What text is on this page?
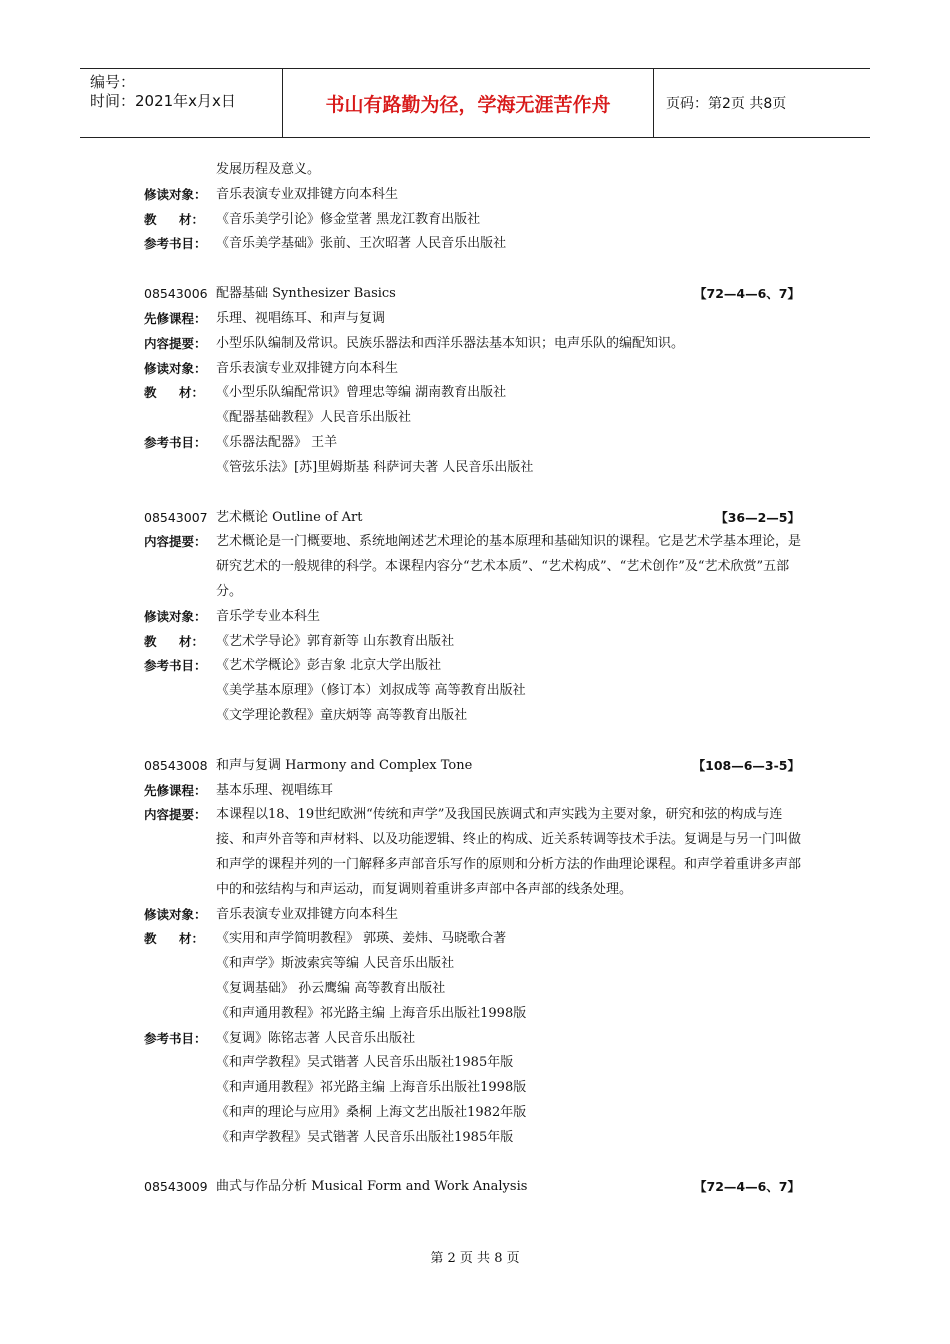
编号：
时间：2021年x月x日	书山有路勤为径，学海无涯苦作舟	页码：第2页 共8页
发展历程及意义。
修读对象： 音乐表演专业双排键方向本科生
教 材： 《音乐美学引论》修金堂著 黑龙江教育出版社
参考书目： 《音乐美学基础》张前、王次昭著 人民音乐出版社
08543006 配器基础 Synthesizer Basics	【72—4—6、7】
先修课程： 乐理、视唱练耳、和声与复调
内容提要： 小型乐队编制及常识。民族乐器法和西洋乐器法基本知识；电声乐队的编配知识。
修读对象： 音乐表演专业双排键方向本科生
教 材： 《小型乐队编配常识》曾理忠等编 湖南教育出版社
《配器基础教程》人民音乐出版社
参考书目： 《乐器法配器》 王羊
《管弦乐法》[苏]里姆斯基 科萨诃夫著 人民音乐出版社
08543007 艺术概论 Outline of Art	【36—2—5】
内容提要： 艺术概论是一门概要地、系统地阐述艺术理论的基本原理和基础知识的课程。它是艺术学基本理论，是研究艺术的一般规律的科学。本课程内容分“艺术本质”、“艺术构成”、“艺术创作”及“艺术欣赏”五部分。
修读对象： 音乐学专业本科生
教 材： 《艺术学导论》郭育新等 山东教育出版社
参考书目： 《艺术学概论》彭吉象 北京大学出版社
《美学基本原理》（修订本）刘叔成等 高等教育出版社
《文学理论教程》童庆炳等 高等教育出版社
08543008 和声与复调 Harmony and Complex Tone	【108—6—3-5】
先修课程： 基本乐理、视唱练耳
内容提要： 本课程以18、19世纪欧洲“传统和声学”及我国民族调式和声实践为主要对象，研究和弦的构成与连接、和声外音等和声材料、以及功能逻辑、终止的构成、近关系转调等技术手法。复调是与另一门叫做和声学的课程并列的一门解释多声部音乐写作的原则和分析方法的作曲理论课程。和声学着重讲多声部中的和弦结构与和声运动，而复调则着重讲多声部中各声部的线条处理。
修读对象： 音乐表演专业双排键方向本科生
教 材： 《实用和声学简明教程》 郭瑛、姜炜、马晓歌合著
《和声学》斯波索宾等编 人民音乐出版社
《复调基础》 孙云鹰编 高等教育出版社
《和声通用教程》祁光路主编 上海音乐出版社1998版
参考书目： 《复调》陈铭志著 人民音乐出版社
《和声学教程》吴式锴著 人民音乐出版社1985年版
《和声通用教程》祁光路主编 上海音乐出版社1998版
《和声的理论与应用》桑桐 上海文艺出版社1982年版
《和声学教程》吴式锴著 人民音乐出版社1985年版
08543009 曲式与作品分析 Musical Form and Work Analysis	【72—4—6、7】
第 2 页 共 8 页
